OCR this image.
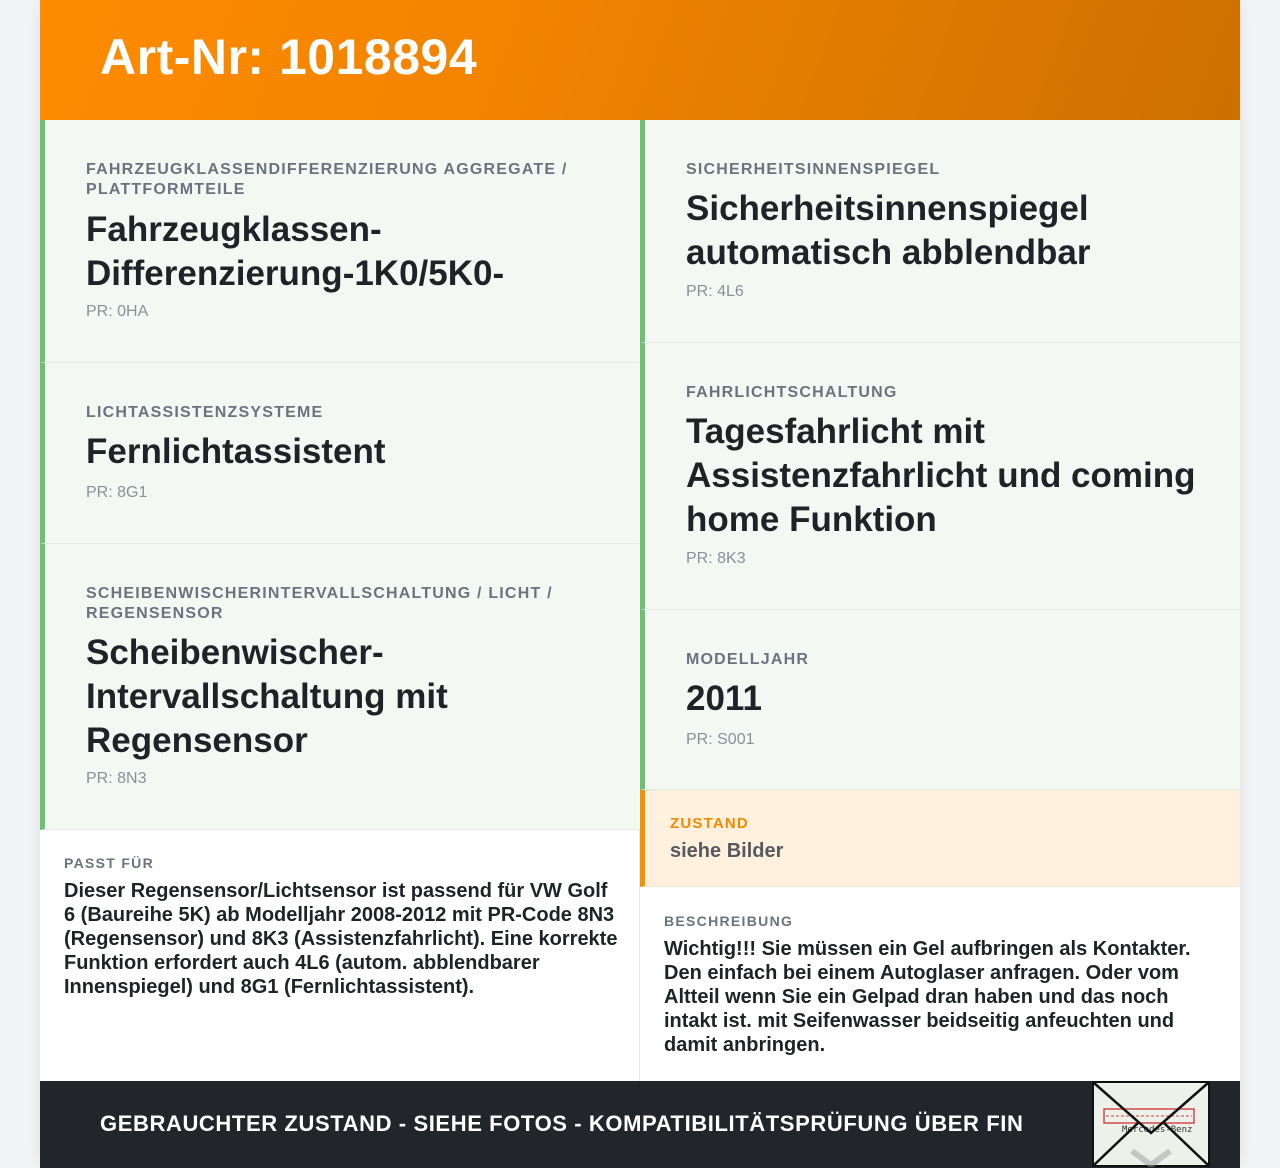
Art-Nr: 1018894
FAHRZEUGKLASSENDIFFERENZIERUNG AGGREGATE / PLATTFORMTEILE
Fahrzeugklassen-Differenzierung-1K0/5K0-
PR: 0HA
LICHTASSISTENZSYSTEME
Fernlichtassistent
PR: 8G1
SCHEIBENWISCHERINTERVALLSCHALTUNG / LICHT / REGENSENSOR
Scheibenwischer-Intervallschaltung mit Regensensor
PR: 8N3
SICHERHEITSINNENSPIEGEL
Sicherheitsinnenspiegel automatisch abblendbar
PR: 4L6
FAHRLICHTSCHALTUNG
Tagesfahrlicht mit Assistenzfahrlicht und coming home Funktion
PR: 8K3
MODELLJAHR
2011
PR: S001
ZUSTAND
siehe Bilder
PASST FÜR
Dieser Regensensor/Lichtsensor ist passend für VW Golf 6 (Baureihe 5K) ab Modelljahr 2008-2012 mit PR-Code 8N3 (Regensensor) und 8K3 (Assistenzfahrlicht). Eine korrekte Funktion erfordert auch 4L6 (autom. abblendbarer Innenspiegel) und 8G1 (Fernlichtassistent).
BESCHREIBUNG
Wichtig!!! Sie müssen ein Gel aufbringen als Kontakter. Den einfach bei einem Autoglaser anfragen. Oder vom Altteil wenn Sie ein Gelpad dran haben und das noch intakt ist. mit Seifenwasser beidseitig anfeuchten und damit anbringen.
GEBRAUCHTER ZUSTAND - SIEHE FOTOS - KOMPATIBILITÄTSPRÜFUNG ÜBER FIN	Mercedes-Benz
